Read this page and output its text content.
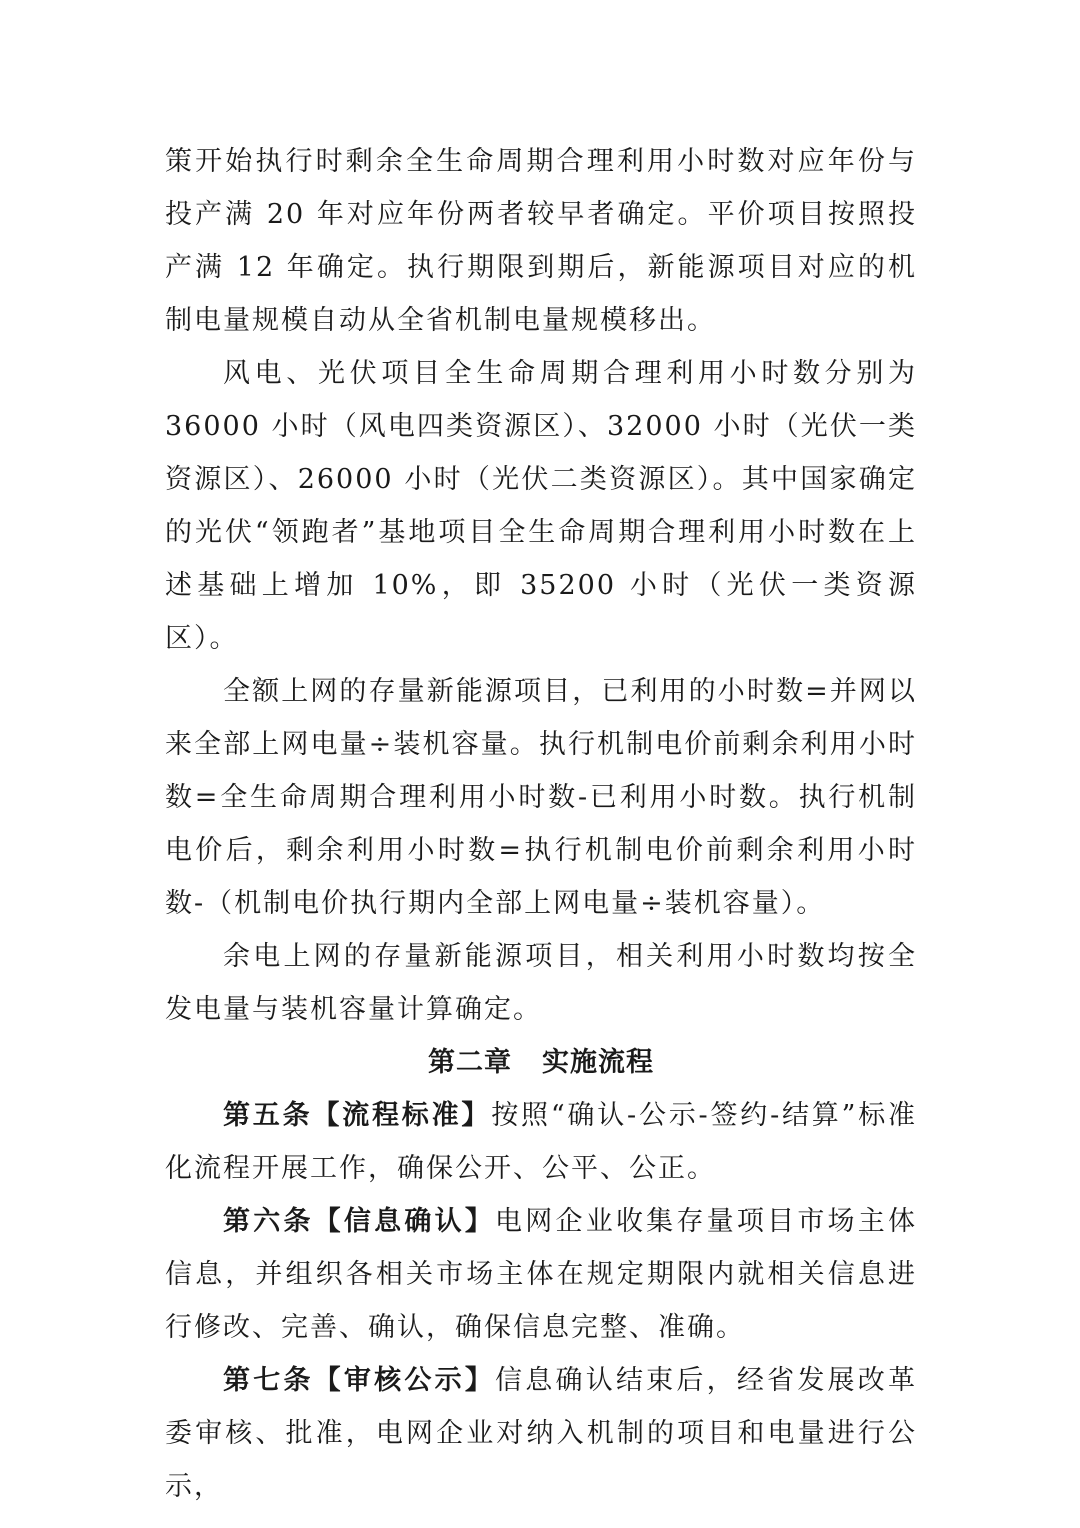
策开始执行时剩余全生命周期合理利用小时数对应年份与投产满 20 年对应年份两者较早者确定。平价项目按照投产满 12 年确定。执行期限到期后，新能源项目对应的机制电量规模自动从全省机制电量规模移出。

风电、光伏项目全生命周期合理利用小时数分别为 36000 小时（风电四类资源区）、32000 小时（光伏一类资源区）、26000 小时（光伏二类资源区）。其中国家确定的光伏“领跑者”基地项目全生命周期合理利用小时数在上述基础上增加 10%，即 35200 小时（光伏一类资源区）。

全额上网的存量新能源项目，已利用的小时数=并网以来全部上网电量÷装机容量。执行机制电价前剩余利用小时数=全生命周期合理利用小时数-已利用小时数。执行机制电价后，剩余利用小时数=执行机制电价前剩余利用小时数-（机制电价执行期内全部上网电量÷装机容量）。

余电上网的存量新能源项目，相关利用小时数均按全发电量与装机容量计算确定。

第二章 实施流程

第五条【流程标准】按照“确认-公示-签约-结算”标准化流程开展工作，确保公开、公平、公正。

第六条【信息确认】电网企业收集存量项目市场主体信息，并组织各相关市场主体在规定期限内就相关信息进行修改、完善、确认，确保信息完整、准确。

第七条【审核公示】信息确认结束后，经省发展改革委审核、批准，电网企业对纳入机制的项目和电量进行公示，
